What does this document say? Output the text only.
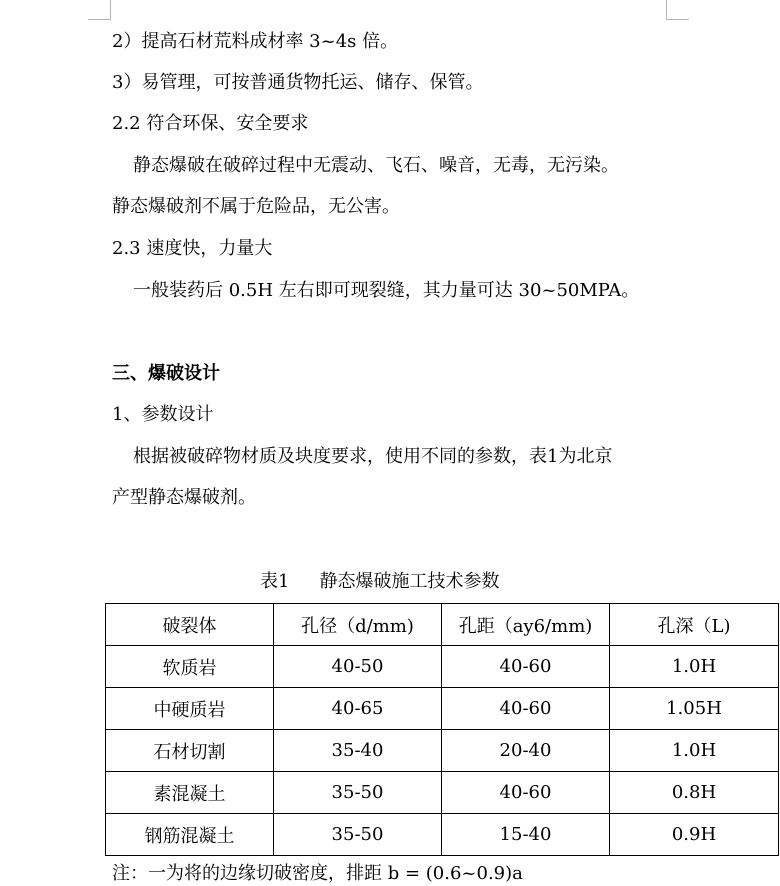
2）提高石材荒料成材率 3~4s 倍。
3）易管理，可按普通货物托运、储存、保管。
2.2 符合环保、安全要求
静态爆破在破碎过程中无震动、飞石、噪音，无毒，无污染。
静态爆破剂不属于危险品，无公害。
2.3 速度快，力量大
一般装药后 0.5H 左右即可现裂缝，其力量可达 30~50MPA。
三、爆破设计
1、参数设计
根据被破碎物材质及块度要求，使用不同的参数，表1为北京
产型静态爆破剂。
表1 静态爆破施工技术参数
破裂体	孔径（d/mm)	孔距（ay6/mm)	孔深（L)
软质岩	40-50	40-60	1.0H
中硬质岩	40-65	40-60	1.05H
石材切割	35-40	20-40	1.0H
素混凝土	35-50	40-60	0.8H
钢筋混凝土	35-50	15-40	0.9H
注：一为将的边缘切破密度，排距 b = (0.6~0.9)a
